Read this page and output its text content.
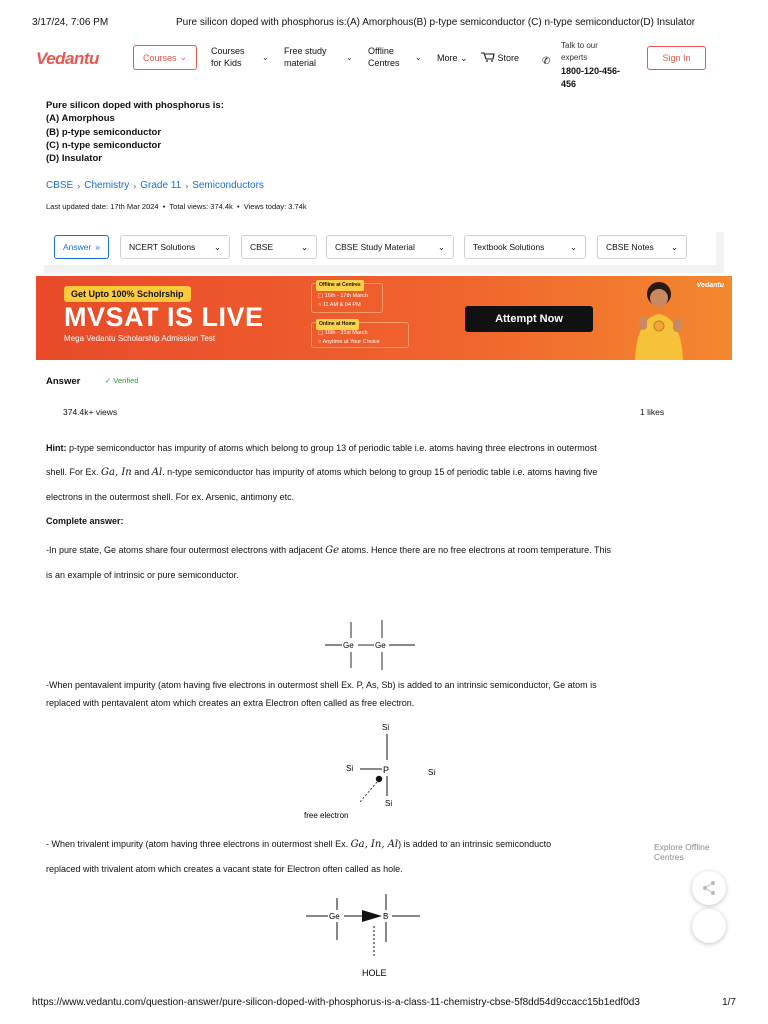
3/17/24, 7:06 PM	Pure silicon doped with phosphorus is:(A) Amorphous(B) p-type semiconductor (C) n-type semiconductor(D) Insulator
Vedantu	Courses ⌄
Courses
for Kids
⌄
Free study
material
⌄
Offline
Centres
⌄ More ⌄	Store ✆
Talk to our
experts
1800-120-456-
456
Sign In
Pure silicon doped with phosphorus is:
(A) Amorphous
(B) p-type semiconductor
(C) n-type semiconductor
(D) Insulator
CBSE › Chemistry › Grade 11 › Semiconductors
Last updated date: 17th Mar 2024  •  Total views: 374.4k  •  Views today: 3.74k
Answer »	NCERT Solutions ⌄	CBSE	⌄	CBSE Study Material	⌄	Textbook Solutions	⌄	CBSE Notes ⌄
Get Upto 100% Scholrship
MVSAT IS LIVE
Mega Vedantu Scholarship Admission Test
Offline at Centres
▢ 16th - 17th March
○ 11 AM & 04 PM
Online at Home
▢ 16th - 31st March
○ Anytime at Your Choice
Attempt Now
Vedantu
Answer	✓ Verified
374.4k+ views	1 likes
Hint: p-type semiconductor has impurity of atoms which belong to group 13 of periodic table i.e. atoms having three electrons in outermost
shell. For Ex. Ga, In and Al. n-type semiconductor has impurity of atoms which belong to group 15 of periodic table i.e. atoms having five
electrons in the outermost shell. For ex. Arsenic, antimony etc.
Complete answer:
-In pure state, Ge atoms share four outermost electrons with adjacent Ge atoms. Hence there are no free electrons at room temperature. This
is an example of intrinsic or pure semiconductor.
Ge	Ge
-When pentavalent impurity (atom having five electrons in outermost shell Ex. P, As, Sb) is added to an intrinsic semiconductor, Ge atom is
replaced with pentavalent atom which creates an extra Electron often called as free electron.
Si
Si	P	Si
Si
free electron
- When trivalent impurity (atom having three electrons in outermost shell Ex. Ga, In, Al) is added to an intrinsic semiconducto
replaced with trivalent atom which creates a vacant state for Electron often called as hole.
Ge	B
HOLE
Explore Offline
Centres
https://www.vedantu.com/question-answer/pure-silicon-doped-with-phosphorus-is-a-class-11-chemistry-cbse-5f8dd54d9ccacc15b1edf0d3	1/7
